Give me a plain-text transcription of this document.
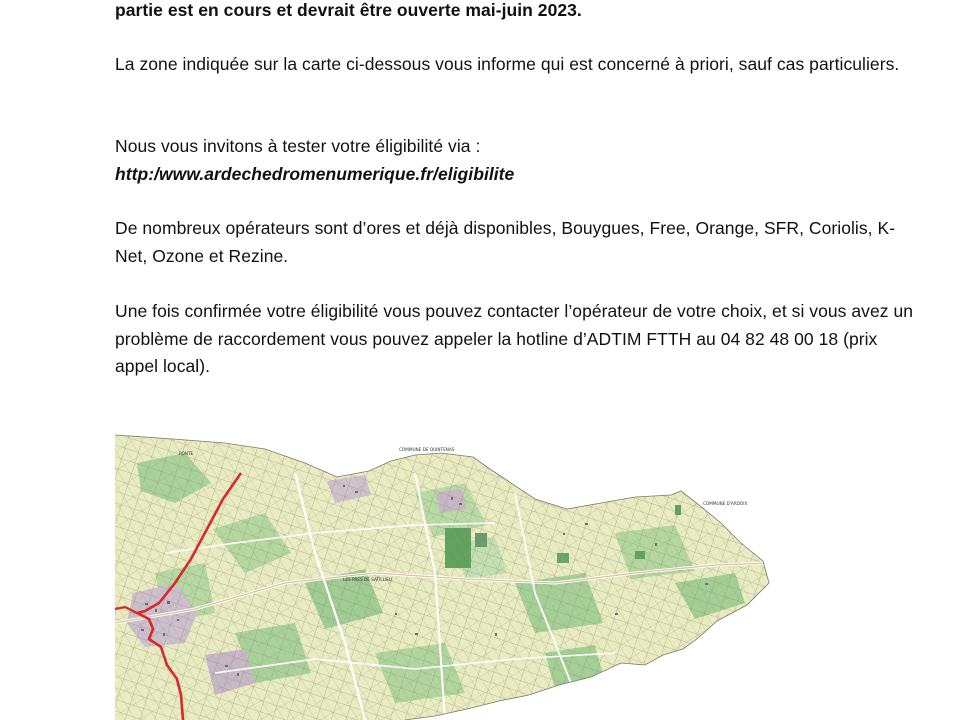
partie est en cours et devrait être ouverte mai-juin 2023.
La zone indiquée sur la carte ci-dessous vous informe qui est concerné à priori, sauf cas particuliers.
Nous vous invitons à tester votre éligibilité via :
http:/www.ardechedromenumerique.fr/eligibilite
De nombreux opérateurs sont d’ores et déjà disponibles, Bouygues, Free, Orange, SFR, Coriolis, K-Net, Ozone et Rezine.
Une fois confirmée votre éligibilité vous pouvez contacter l’opérateur de votre choix, et si vous avez un problème de raccordement vous pouvez appeler la hotline d’ADTIM FTTH au 04 82 48 00 18 (prix appel local).
COMMUNE DE QUINTENAS
COMMUNE D'ARDOIX
PONTE
LES PRES DE SATILLIEU
